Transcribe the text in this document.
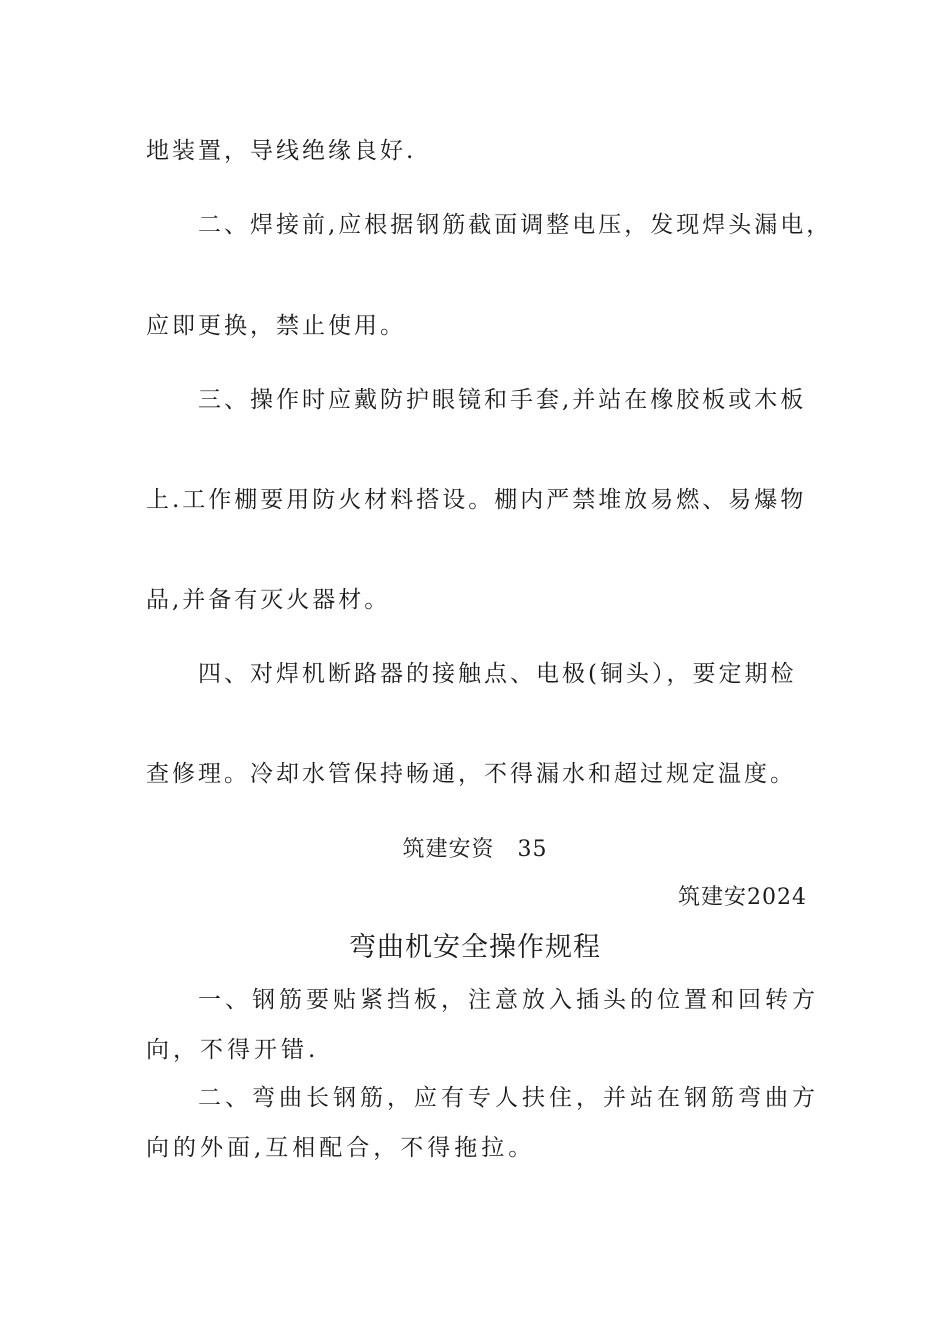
地装置，导线绝缘良好.
二、焊接前,应根据钢筋截面调整电压，发现焊头漏电，
应即更换，禁止使用。
三、操作时应戴防护眼镜和手套,并站在橡胶板或木板
上.工作棚要用防火材料搭设。棚内严禁堆放易燃、易爆物
品,并备有灭火器材。
四、对焊机断路器的接触点、电极(铜头），要定期检
查修理。冷却水管保持畅通，不得漏水和超过规定温度。
筑建安资　35
筑建安2024
弯曲机安全操作规程
一、钢筋要贴紧挡板，注意放入插头的位置和回转方
向，不得开错.
二、弯曲长钢筋，应有专人扶住，并站在钢筋弯曲方
向的外面,互相配合，不得拖拉。
